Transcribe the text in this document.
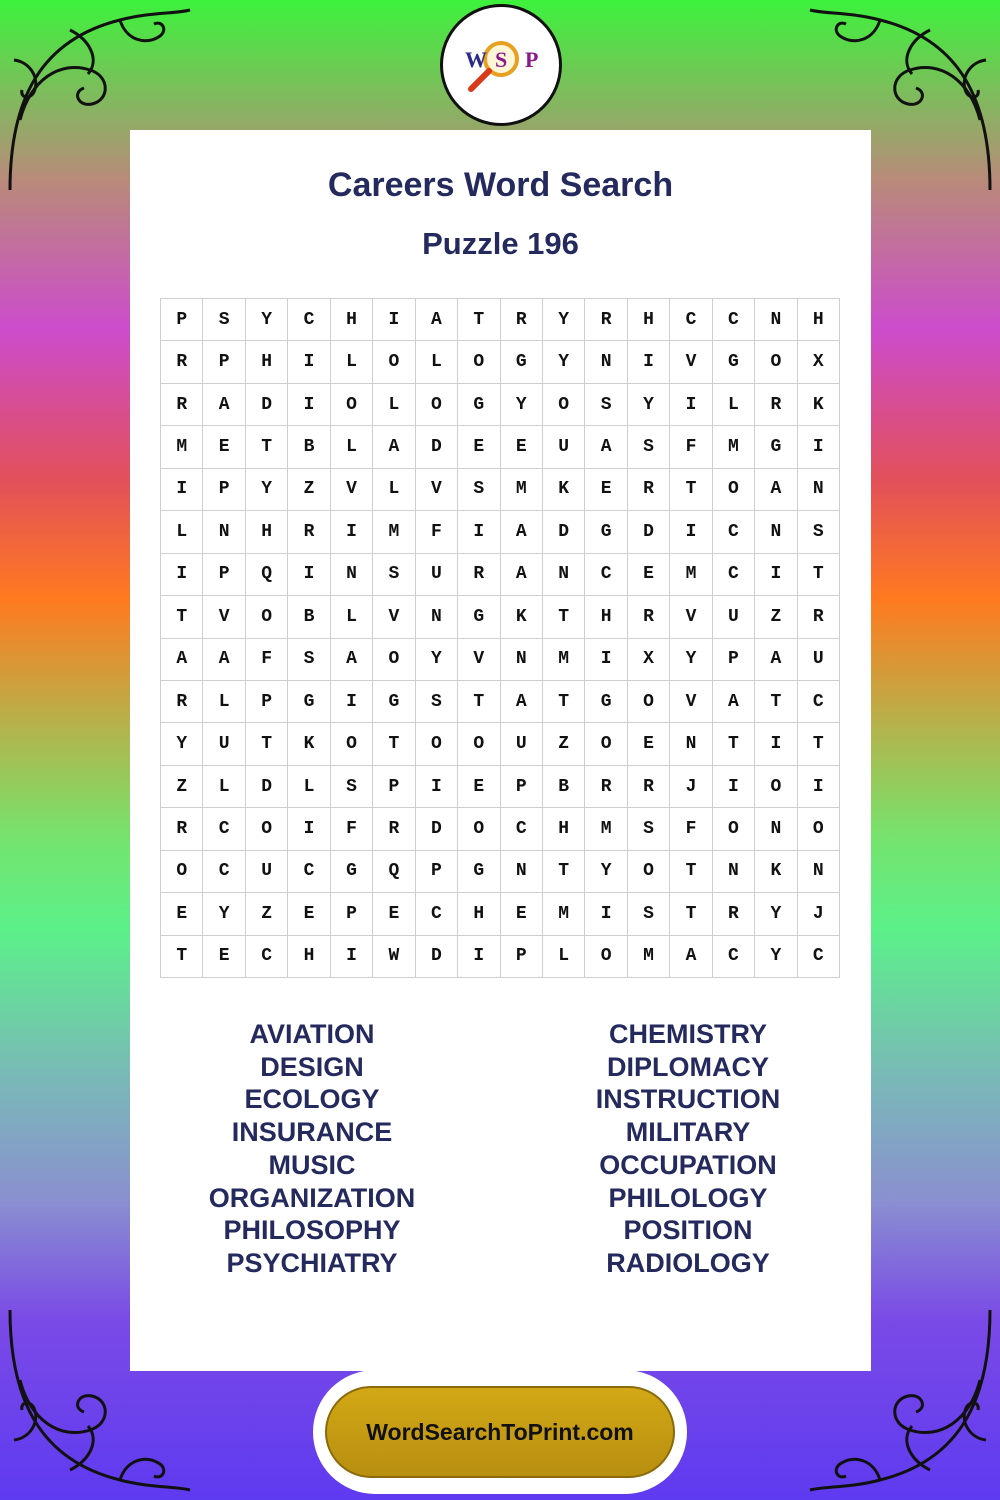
W S P
Careers Word Search
Puzzle 196
P	S	Y	C	H	I	A	T	R	Y	R	H	C	C	N	H
R	P	H	I	L	O	L	O	G	Y	N	I	V	G	O	X
R	A	D	I	O	L	O	G	Y	O	S	Y	I	L	R	K
M	E	T	B	L	A	D	E	E	U	A	S	F	M	G	I
I	P	Y	Z	V	L	V	S	M	K	E	R	T	O	A	N
L	N	H	R	I	M	F	I	A	D	G	D	I	C	N	S
I	P	Q	I	N	S	U	R	A	N	C	E	M	C	I	T
T	V	O	B	L	V	N	G	K	T	H	R	V	U	Z	R
A	A	F	S	A	O	Y	V	N	M	I	X	Y	P	A	U
R	L	P	G	I	G	S	T	A	T	G	O	V	A	T	C
Y	U	T	K	O	T	O	O	U	Z	O	E	N	T	I	T
Z	L	D	L	S	P	I	E	P	B	R	R	J	I	O	I
R	C	O	I	F	R	D	O	C	H	M	S	F	O	N	O
O	C	U	C	G	Q	P	G	N	T	Y	O	T	N	K	N
E	Y	Z	E	P	E	C	H	E	M	I	S	T	R	Y	J
T	E	C	H	I	W	D	I	P	L	O	M	A	C	Y	C
AVIATION
DESIGN
ECOLOGY
INSURANCE
MUSIC
ORGANIZATION
PHILOSOPHY
PSYCHIATRY
CHEMISTRY
DIPLOMACY
INSTRUCTION
MILITARY
OCCUPATION
PHILOLOGY
POSITION
RADIOLOGY
WordSearchToPrint.com
